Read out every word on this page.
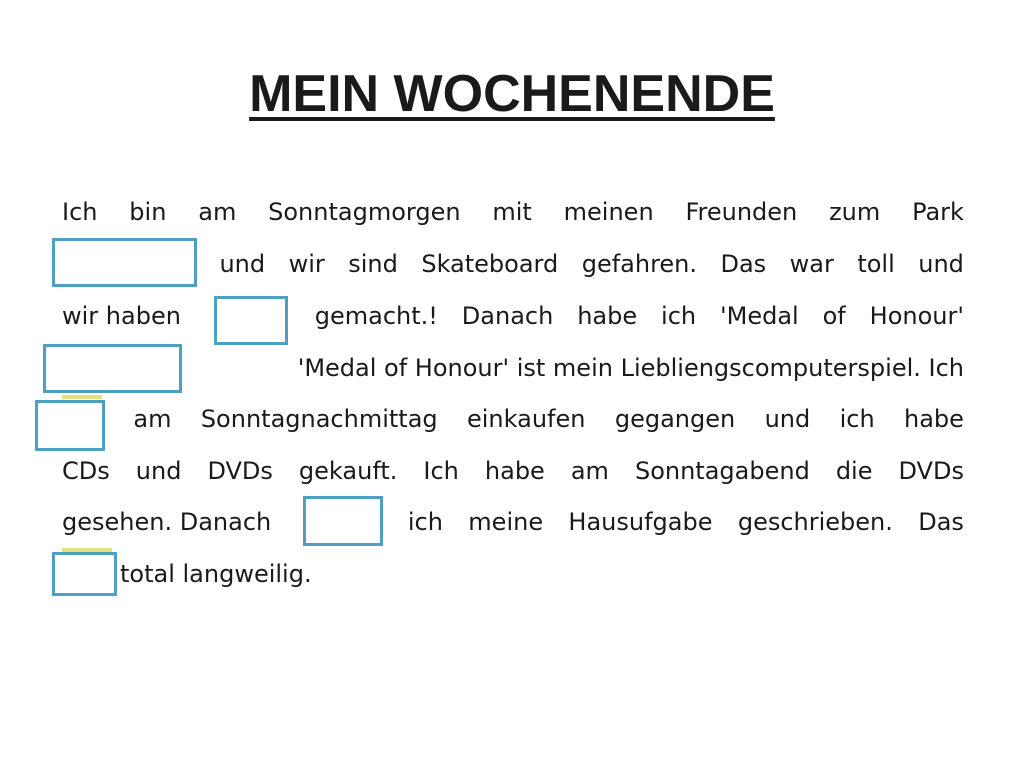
MEIN WOCHENENDE
Ich bin am Sonntagmorgen mit meinen Freunden zum Park
und wir sind Skateboard gefahren. Das war toll und
wir haben	gemacht.! Danach habe ich 'Medal of Honour'
'Medal of Honour' ist mein Liebliengscomputerspiel. Ich
am Sonntagnachmittag einkaufen gegangen und ich habe
CDs und DVDs gekauft. Ich habe am Sonntagabend die DVDs
gesehen. Danach	ich meine Hausufgabe geschrieben. Das
total langweilig.
